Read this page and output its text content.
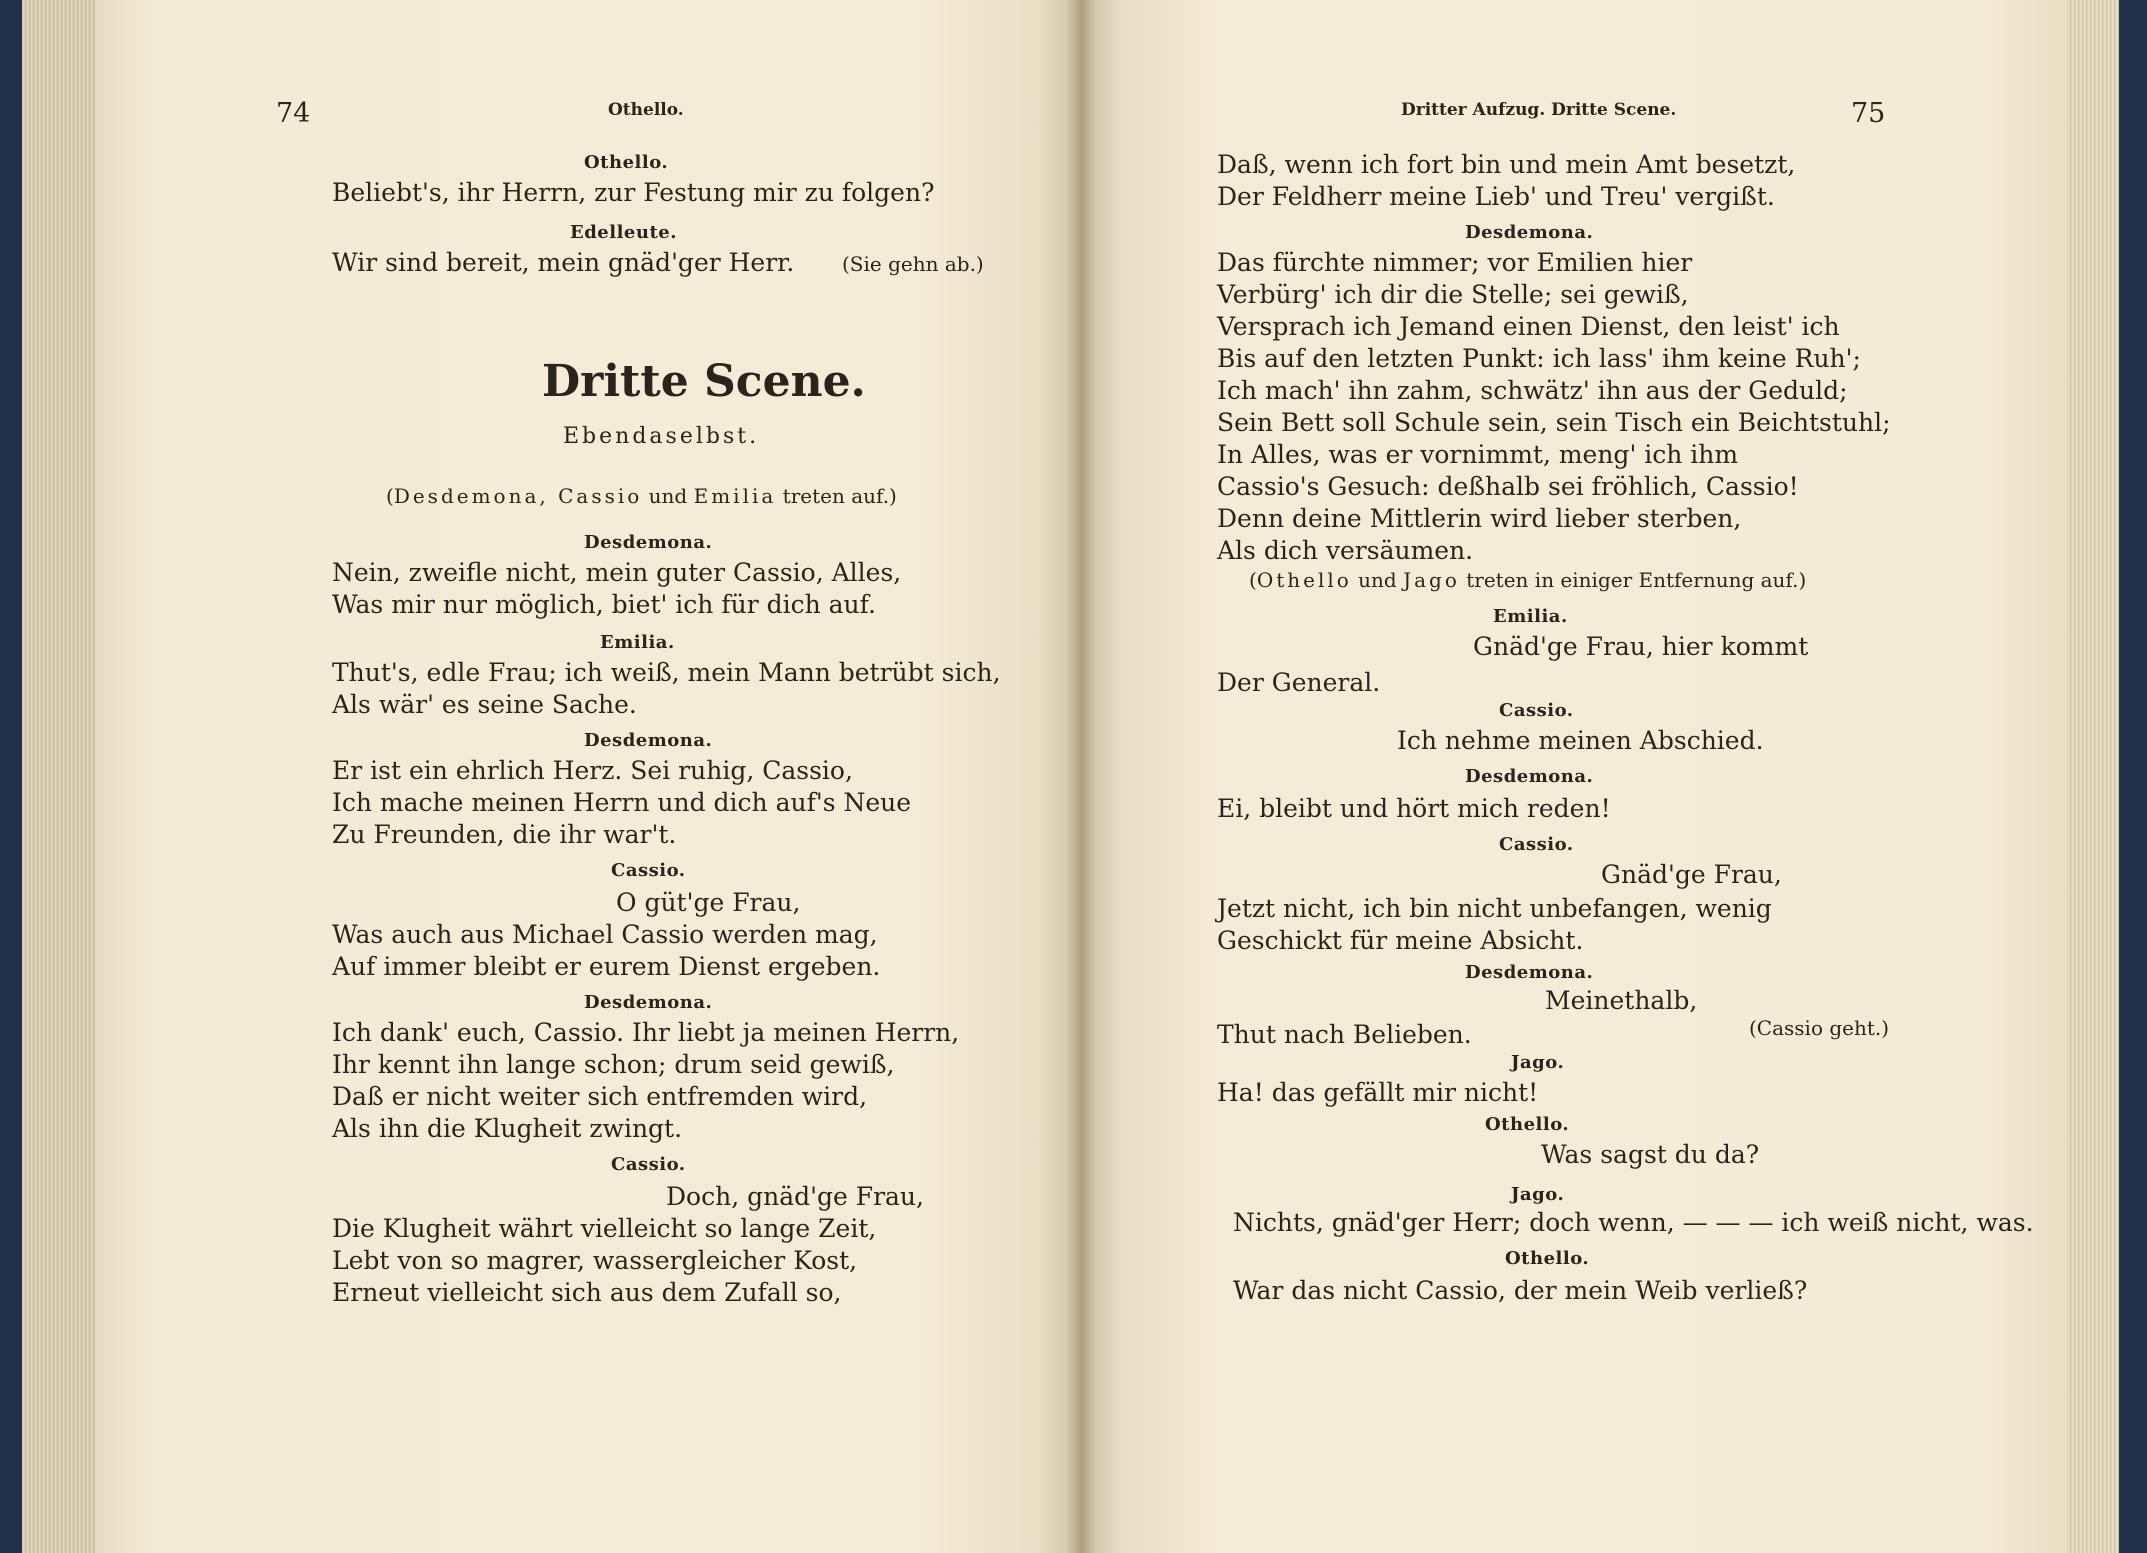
74	Othello.
Othello.
Beliebt's, ihr Herrn, zur Festung mir zu folgen?
Edelleute.
Wir sind bereit, mein gnäd'ger Herr. (Sie gehn ab.)
Dritte Scene.
Ebendaselbst.
(Desdemona, Cassio und Emilia treten auf.)
Desdemona.
Nein, zweifle nicht, mein guter Cassio, Alles,
Was mir nur möglich, biet' ich für dich auf.
Emilia.
Thut's, edle Frau; ich weiß, mein Mann betrübt sich,
Als wär' es seine Sache.
Desdemona.
Er ist ein ehrlich Herz. Sei ruhig, Cassio,
Ich mache meinen Herrn und dich auf's Neue
Zu Freunden, die ihr war't.
Cassio.
O güt'ge Frau,
Was auch aus Michael Cassio werden mag,
Auf immer bleibt er eurem Dienst ergeben.
Desdemona.
Ich dank' euch, Cassio. Ihr liebt ja meinen Herrn,
Ihr kennt ihn lange schon; drum seid gewiß,
Daß er nicht weiter sich entfremden wird,
Als ihn die Klugheit zwingt.
Cassio.
Doch, gnäd'ge Frau,
Die Klugheit währt vielleicht so lange Zeit,
Lebt von so magrer, wassergleicher Kost,
Erneut vielleicht sich aus dem Zufall so,
Dritter Aufzug. Dritte Scene.	75
Daß, wenn ich fort bin und mein Amt besetzt,
Der Feldherr meine Lieb' und Treu' vergißt.
Desdemona.
Das fürchte nimmer; vor Emilien hier
Verbürg' ich dir die Stelle; sei gewiß,
Versprach ich Jemand einen Dienst, den leist' ich
Bis auf den letzten Punkt: ich lass' ihm keine Ruh';
Ich mach' ihn zahm, schwätz' ihn aus der Geduld;
Sein Bett soll Schule sein, sein Tisch ein Beichtstuhl;
In Alles, was er vornimmt, meng' ich ihm
Cassio's Gesuch: deßhalb sei fröhlich, Cassio!
Denn deine Mittlerin wird lieber sterben,
Als dich versäumen.
(Othello und Jago treten in einiger Entfernung auf.)
Emilia.
Gnäd'ge Frau, hier kommt
Der General.
Cassio.
Ich nehme meinen Abschied.
Desdemona.
Ei, bleibt und hört mich reden!
Cassio.
Gnäd'ge Frau,
Jetzt nicht, ich bin nicht unbefangen, wenig
Geschickt für meine Absicht.
Desdemona.
Meinethalb,
Thut nach Belieben.	(Cassio geht.)
Jago.
Ha! das gefällt mir nicht!
Othello.
Was sagst du da?
Jago.
Nichts, gnäd'ger Herr; doch wenn, — — — ich weiß nicht, was.
Othello.
War das nicht Cassio, der mein Weib verließ?
